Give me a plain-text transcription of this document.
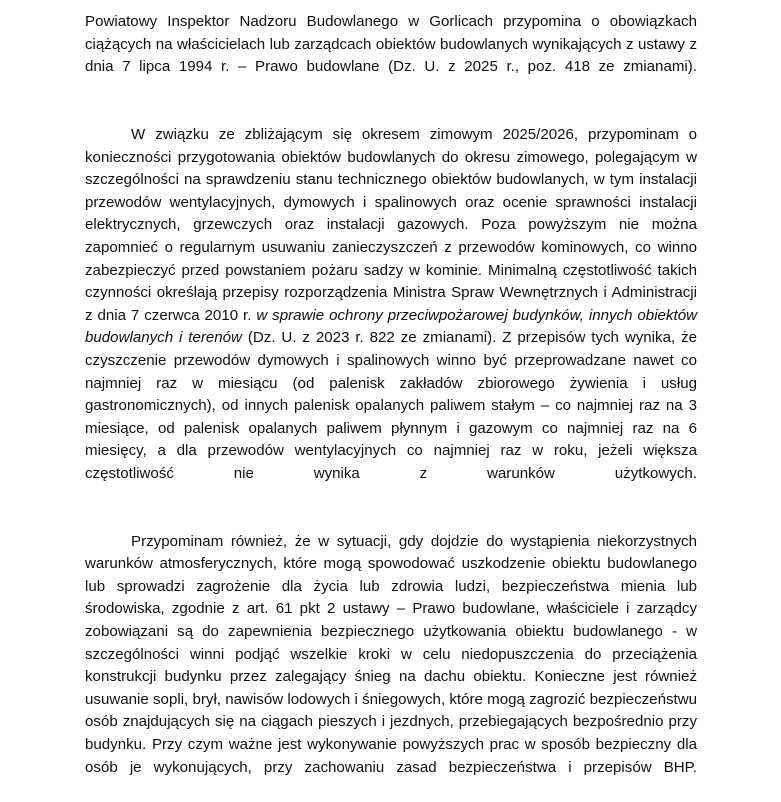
Powiatowy Inspektor Nadzoru Budowlanego w Gorlicach przypomina o obowiązkach ciążących na właścicielach lub zarządcach obiektów budowlanych wynikających z ustawy z dnia 7 lipca 1994 r. – Prawo budowlane (Dz. U. z 2025 r., poz. 418 ze zmianami).

W związku ze zbliżającym się okresem zimowym 2025/2026, przypominam o konieczności przygotowania obiektów budowlanych do okresu zimowego, polegającym w szczególności na sprawdzeniu stanu technicznego obiektów budowlanych, w tym instalacji przewodów wentylacyjnych, dymowych i spalinowych oraz ocenie sprawności instalacji elektrycznych, grzewczych oraz instalacji gazowych. Poza powyższym nie można zapomnieć o regularnym usuwaniu zanieczyszczeń z przewodów kominowych, co winno zabezpieczyć przed powstaniem pożaru sadzy w kominie. Minimalną częstotliwość takich czynności określają przepisy rozporządzenia Ministra Spraw Wewnętrznych i Administracji z dnia 7 czerwca 2010 r. w sprawie ochrony przeciwpożarowej budynków, innych obiektów budowlanych i terenów (Dz. U. z 2023 r. 822 ze zmianami). Z przepisów tych wynika, że czyszczenie przewodów dymowych i spalinowych winno być przeprowadzane nawet co najmniej raz w miesiącu (od palenisk zakładów zbiorowego żywienia i usług gastronomicznych), od innych palenisk opalanych paliwem stałym – co najmniej raz na 3 miesiące, od palenisk opalanych paliwem płynnym i gazowym co najmniej raz na 6 miesięcy, a dla przewodów wentylacyjnych co najmniej raz w roku, jeżeli większa częstotliwość nie wynika z warunków użytkowych.

Przypominam również, że w sytuacji, gdy dojdzie do wystąpienia niekorzystnych warunków atmosferycznych, które mogą spowodować uszkodzenie obiektu budowlanego lub sprowadzi zagrożenie dla życia lub zdrowia ludzi, bezpieczeństwa mienia lub środowiska, zgodnie z art. 61 pkt 2 ustawy – Prawo budowlane, właściciele i zarządcy zobowiązani są do zapewnienia bezpiecznego użytkowania obiektu budowlanego - w szczególności winni podjąć wszelkie kroki w celu niedopuszczenia do przeciążenia konstrukcji budynku przez zalegający śnieg na dachu obiektu. Konieczne jest również usuwanie sopli, brył, nawisów lodowych i śniegowych, które mogą zagrozić bezpieczeństwu osób znajdujących się na ciągach pieszych i jezdnych, przebiegających bezpośrednio przy budynku. Przy czym ważne jest wykonywanie powyższych prac w sposób bezpieczny dla osób je wykonujących, przy zachowaniu zasad bezpieczeństwa i przepisów BHP.
